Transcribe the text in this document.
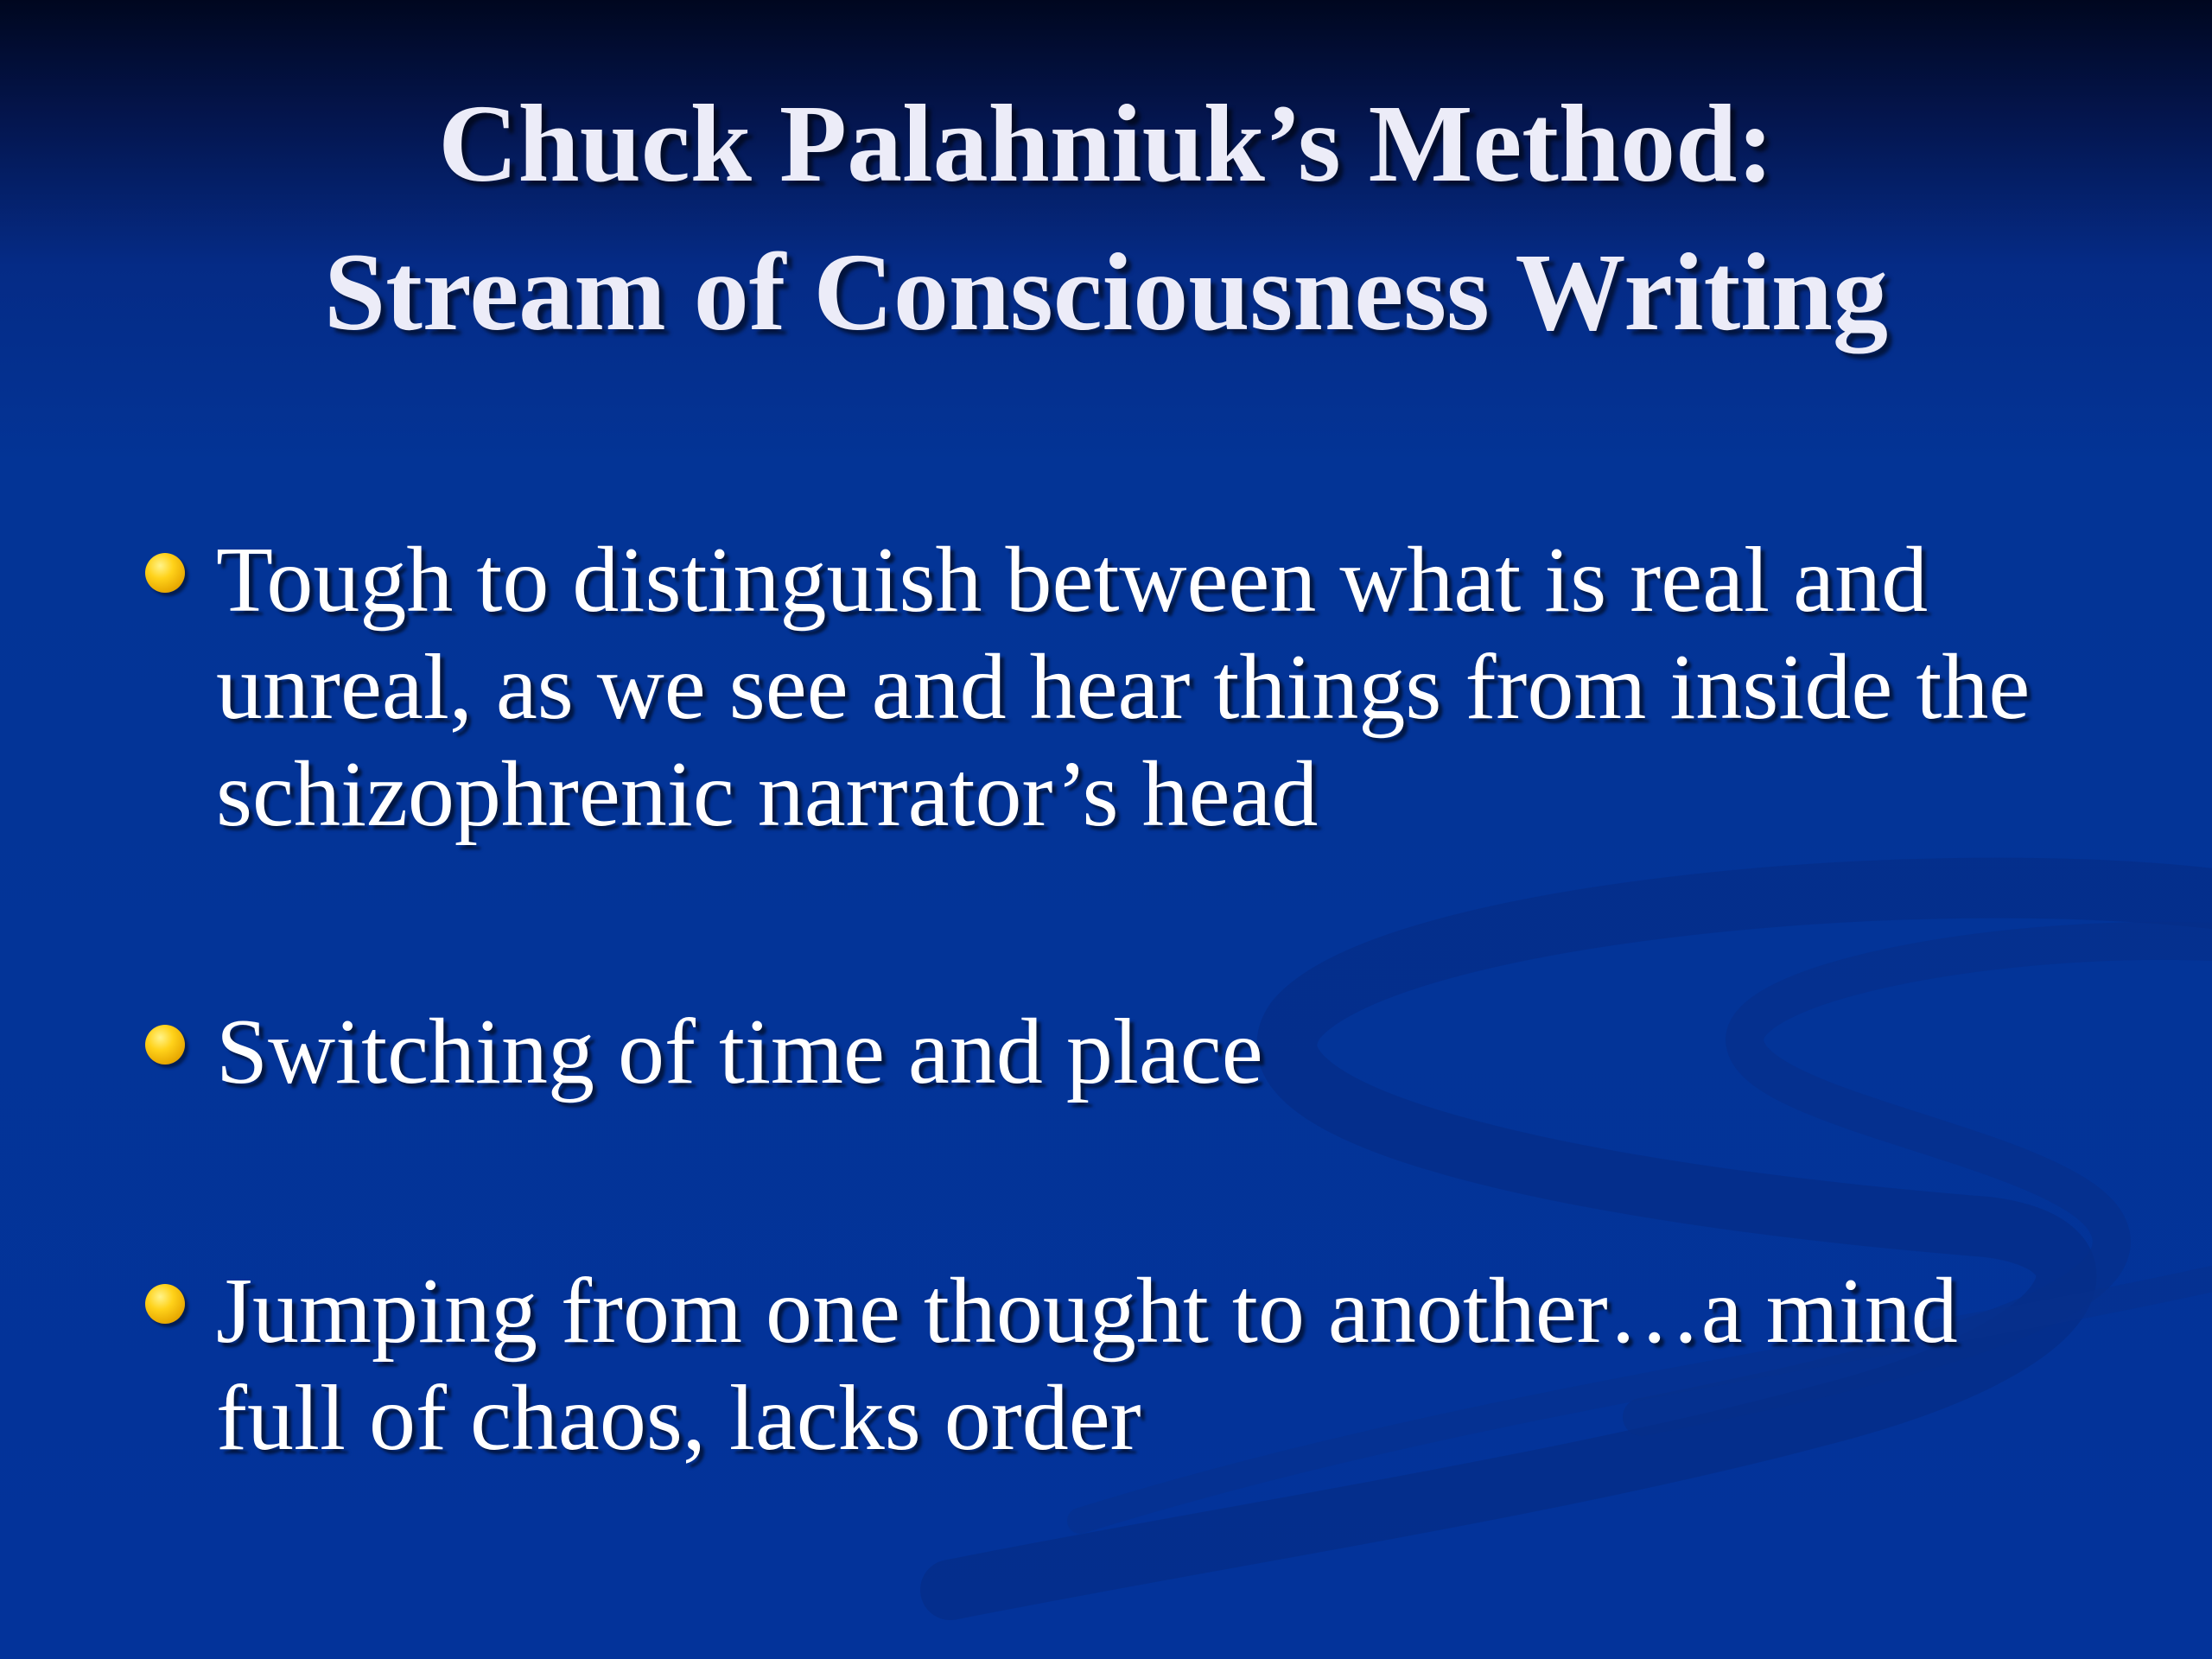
Chuck Palahniuk’s Method:
Stream of Consciousness Writing
Tough to distinguish between what is real and unreal, as we see and hear things from inside the schizophrenic narrator’s head
Switching of time and place
Jumping from one thought to another…a mind full of chaos, lacks order
